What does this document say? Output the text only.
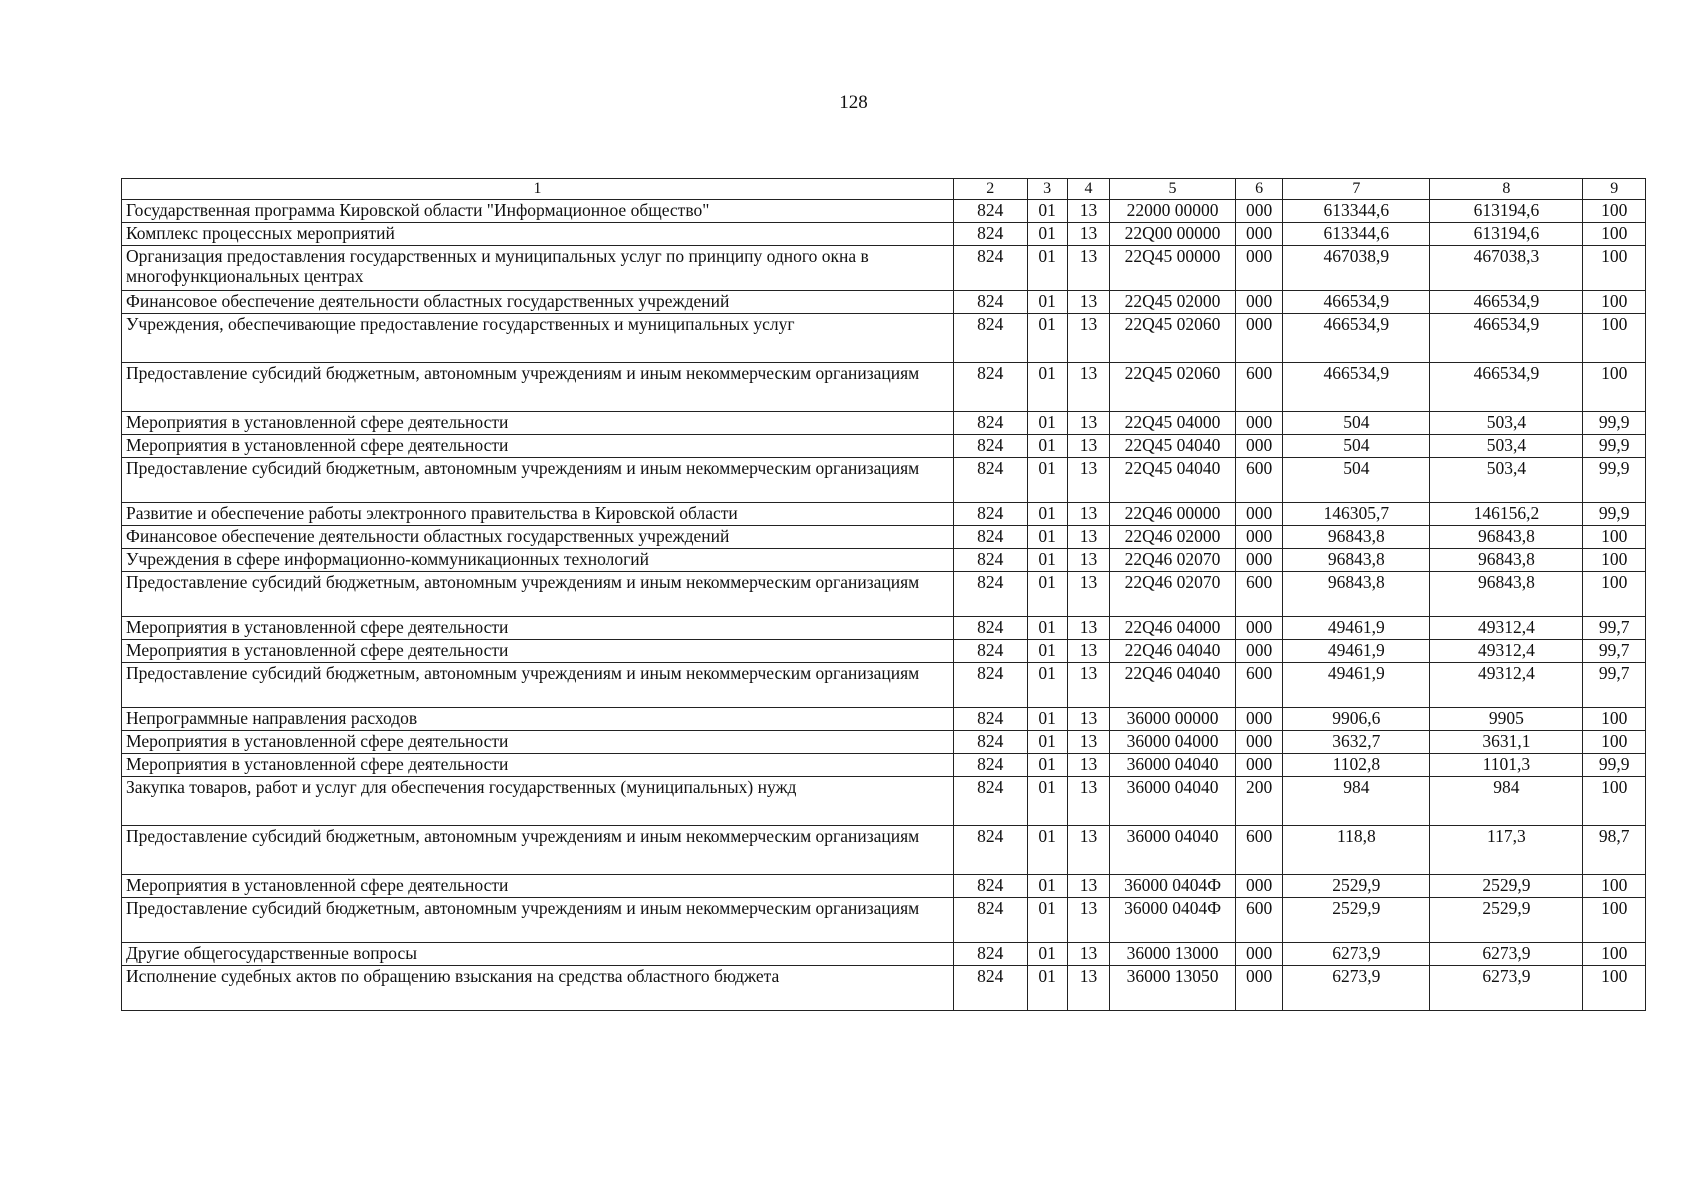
128
1	2	3	4	5	6	7	8	9
Государственная программа Кировской области "Информационное общество"	824	01	13	22000 00000	000	613344,6	613194,6	100
Комплекс процессных мероприятий	824	01	13	22Q00 00000	000	613344,6	613194,6	100
Организация предоставления государственных и муниципальных услуг по принципу одного окна в многофункциональных центрах	824	01	13	22Q45 00000	000	467038,9	467038,3	100
Финансовое обеспечение деятельности областных государственных учреждений	824	01	13	22Q45 02000	000	466534,9	466534,9	100
Учреждения, обеспечивающие предоставление государственных и муниципальных услуг	824	01	13	22Q45 02060	000	466534,9	466534,9	100
Предоставление субсидий бюджетным, автономным учреждениям и иным некоммерческим организациям	824	01	13	22Q45 02060	600	466534,9	466534,9	100
Мероприятия в установленной сфере деятельности	824	01	13	22Q45 04000	000	504	503,4	99,9
Мероприятия в установленной сфере деятельности	824	01	13	22Q45 04040	000	504	503,4	99,9
Предоставление субсидий бюджетным, автономным учреждениям и иным некоммерческим организациям	824	01	13	22Q45 04040	600	504	503,4	99,9
Развитие и обеспечение работы электронного правительства в Кировской области	824	01	13	22Q46 00000	000	146305,7	146156,2	99,9
Финансовое обеспечение деятельности областных государственных учреждений	824	01	13	22Q46 02000	000	96843,8	96843,8	100
Учреждения в сфере информационно-коммуникационных технологий	824	01	13	22Q46 02070	000	96843,8	96843,8	100
Предоставление субсидий бюджетным, автономным учреждениям и иным некоммерческим организациям	824	01	13	22Q46 02070	600	96843,8	96843,8	100
Мероприятия в установленной сфере деятельности	824	01	13	22Q46 04000	000	49461,9	49312,4	99,7
Мероприятия в установленной сфере деятельности	824	01	13	22Q46 04040	000	49461,9	49312,4	99,7
Предоставление субсидий бюджетным, автономным учреждениям и иным некоммерческим организациям	824	01	13	22Q46 04040	600	49461,9	49312,4	99,7
Непрограммные направления расходов	824	01	13	36000 00000	000	9906,6	9905	100
Мероприятия в установленной сфере деятельности	824	01	13	36000 04000	000	3632,7	3631,1	100
Мероприятия в установленной сфере деятельности	824	01	13	36000 04040	000	1102,8	1101,3	99,9
Закупка товаров, работ и услуг для обеспечения государственных (муниципальных) нужд	824	01	13	36000 04040	200	984	984	100
Предоставление субсидий бюджетным, автономным учреждениям и иным некоммерческим организациям	824	01	13	36000 04040	600	118,8	117,3	98,7
Мероприятия в установленной сфере деятельности	824	01	13	36000 0404Ф	000	2529,9	2529,9	100
Предоставление субсидий бюджетным, автономным учреждениям и иным некоммерческим организациям	824	01	13	36000 0404Ф	600	2529,9	2529,9	100
Другие общегосударственные вопросы	824	01	13	36000 13000	000	6273,9	6273,9	100
Исполнение судебных актов по обращению взыскания на средства областного бюджета	824	01	13	36000 13050	000	6273,9	6273,9	100
